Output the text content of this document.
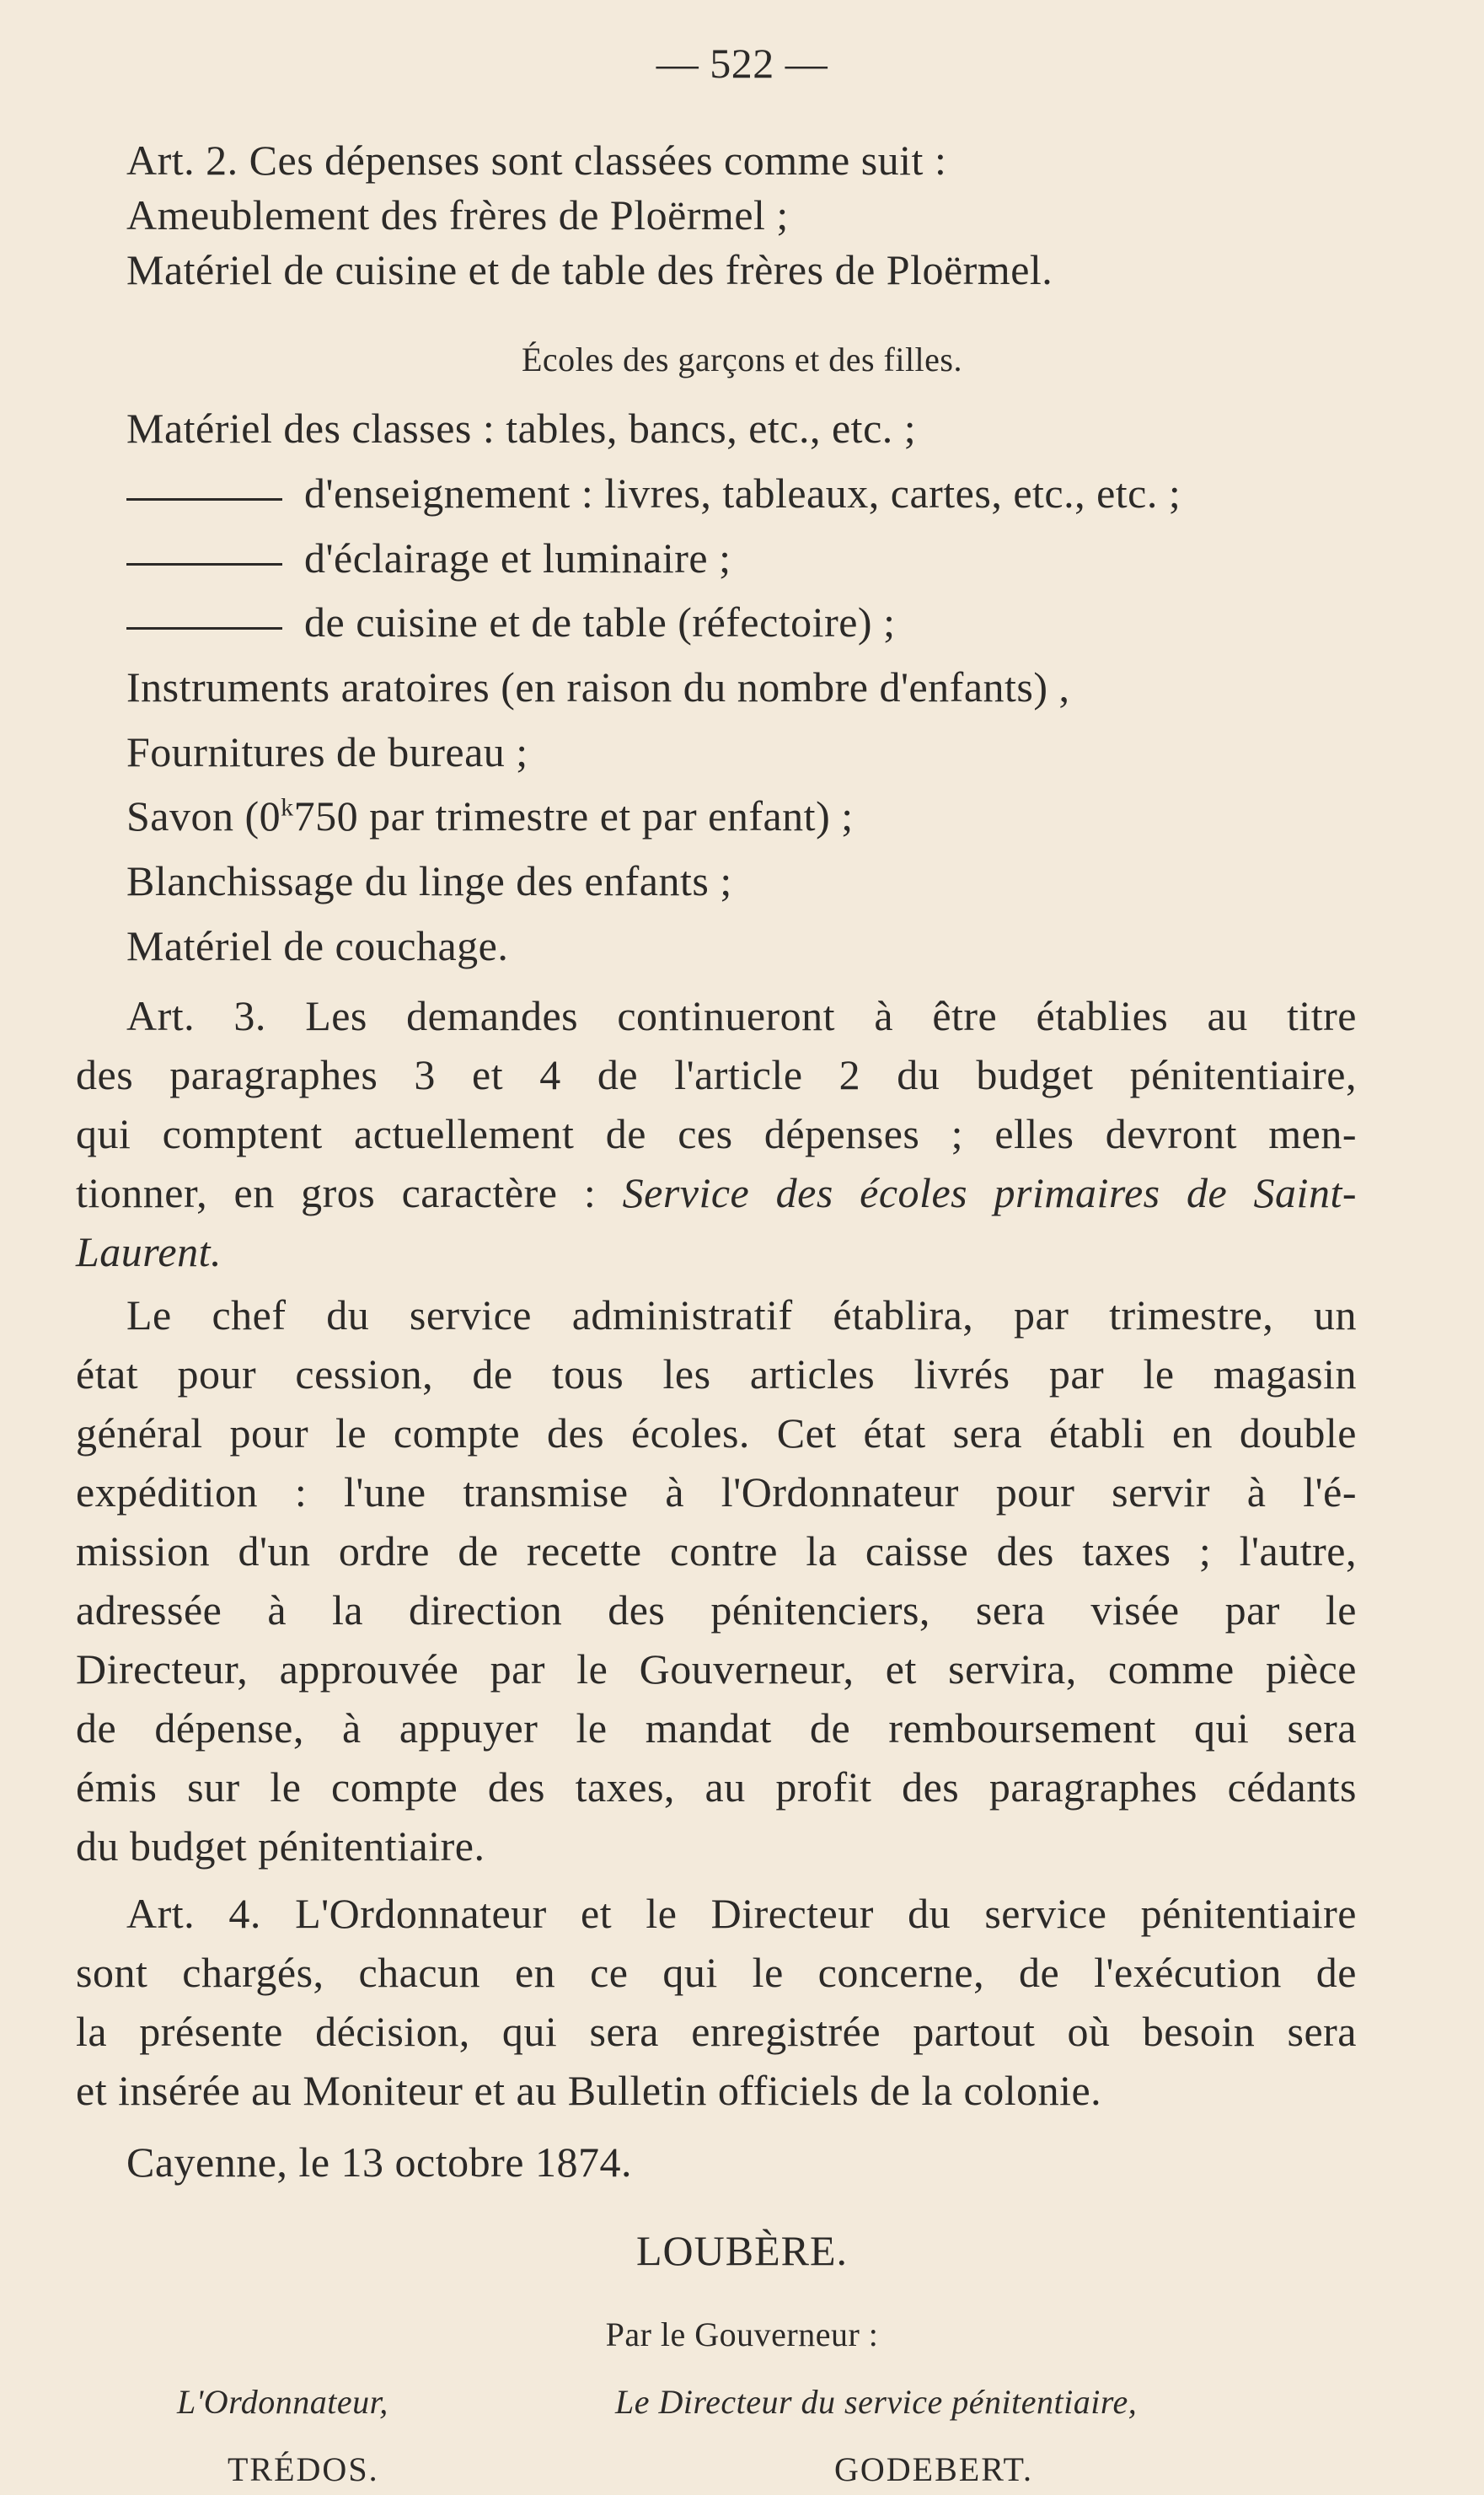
— 522 —
Art. 2. Ces dépenses sont classées comme suit :
Ameublement des frères de Ploërmel ;
Matériel de cuisine et de table des frères de Ploërmel.
Écoles des garçons et des filles.
Matériel des classes : tables, bancs, etc., etc. ;
d'enseignement : livres, tableaux, cartes, etc., etc. ;
d'éclairage et luminaire ;
de cuisine et de table (réfectoire) ;
Instruments aratoires (en raison du nombre d'enfants) ,
Fournitures de bureau ;
Savon (0$^k$750 par trimestre et par enfant) ;
Blanchissage du linge des enfants ;
Matériel de couchage.
Art. 3. Les demandes continueront à être établies au titre
des paragraphes 3 et 4 de l'article 2 du budget pénitentiaire,
qui comptent actuellement de ces dépenses ; elles devront men-
tionner, en gros caractère : Service des écoles primaires de Saint-
Laurent.
Le chef du service administratif établira, par trimestre, un
état pour cession, de tous les articles livrés par le magasin
général pour le compte des écoles. Cet état sera établi en double
expédition : l'une transmise à l'Ordonnateur pour servir à l'é-
mission d'un ordre de recette contre la caisse des taxes ; l'autre,
adressée à la direction des pénitenciers, sera visée par le
Directeur, approuvée par le Gouverneur, et servira, comme pièce
de dépense, à appuyer le mandat de remboursement qui sera
émis sur le compte des taxes, au profit des paragraphes cédants
du budget pénitentiaire.
Art. 4. L'Ordonnateur et le Directeur du service pénitentiaire
sont chargés, chacun en ce qui le concerne, de l'exécution de
la présente décision, qui sera enregistrée partout où besoin sera
et insérée au Moniteur et au Bulletin officiels de la colonie.
Cayenne, le 13 octobre 1874.
LOUBÈRE.
Par le Gouverneur :
L'Ordonnateur,	Le Directeur du service pénitentiaire,
TRÉDOS.	GODEBERT.
